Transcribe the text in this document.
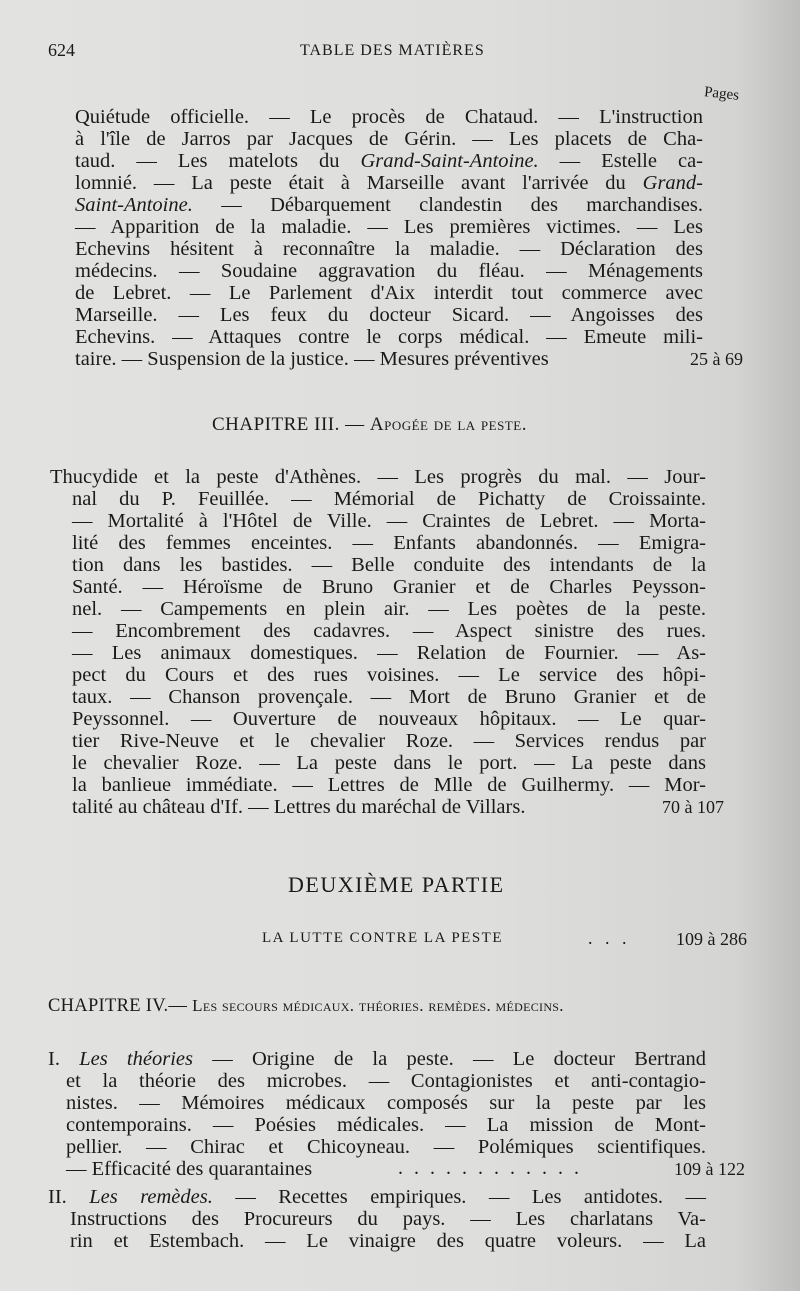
624	TABLE DES MATIÈRES
Pages
Quiétude officielle. — Le procès de Chataud. — L'instruction
à l'île de Jarros par Jacques de Gérin. — Les placets de Cha-
taud. — Les matelots du Grand-Saint-Antoine. — Estelle ca-
lomnié. — La peste était à Marseille avant l'arrivée du Grand-
Saint-Antoine. — Débarquement clandestin des marchandises.
— Apparition de la maladie. — Les premières victimes. — Les
Echevins hésitent à reconnaître la maladie. — Déclaration des
médecins. — Soudaine aggravation du fléau. — Ménagements
de Lebret. — Le Parlement d'Aix interdit tout commerce avec
Marseille. — Les feux du docteur Sicard. — Angoisses des
Echevins. — Attaques contre le corps médical. — Emeute mili-
taire. — Suspension de la justice. — Mesures préventives	25 à 69
CHAPITRE III. — Apogée de la peste.
Thucydide et la peste d'Athènes. — Les progrès du mal. — Jour-
nal du P. Feuillée. — Mémorial de Pichatty de Croissainte.
— Mortalité à l'Hôtel de Ville. — Craintes de Lebret. — Morta-
lité des femmes enceintes. — Enfants abandonnés. — Emigra-
tion dans les bastides. — Belle conduite des intendants de la
Santé. — Héroïsme de Bruno Granier et de Charles Peysson-
nel. — Campements en plein air. — Les poètes de la peste.
— Encombrement des cadavres. — Aspect sinistre des rues.
— Les animaux domestiques. — Relation de Fournier. — As-
pect du Cours et des rues voisines. — Le service des hôpi-
taux. — Chanson provençale. — Mort de Bruno Granier et de
Peyssonnel. — Ouverture de nouveaux hôpitaux. — Le quar-
tier Rive-Neuve et le chevalier Roze. — Services rendus par
le chevalier Roze. — La peste dans le port. — La peste dans
la banlieue immédiate. — Lettres de Mlle de Guilhermy. — Mor-
talité au château d'If. — Lettres du maréchal de Villars.	70 à 107
DEUXIÈME PARTIE
LA LUTTE CONTRE LA PESTE	. . .	109 à 286
CHAPITRE IV.— Les secours médicaux. théories. remèdes. médecins.
I. Les théories — Origine de la peste. — Le docteur Bertrand
et la théorie des microbes. — Contagionistes et anti-contagio-
nistes. — Mémoires médicaux composés sur la peste par les
contemporains. — Poésies médicales. — La mission de Mont-
pellier. — Chirac et Chicoyneau. — Polémiques scientifiques.
— Efficacité des quarantaines	. . . . . . . . . . . .	109 à 122
II. Les remèdes. — Recettes empiriques. — Les antidotes. —
Instructions des Procureurs du pays. — Les charlatans Va-
rin et Estembach. — Le vinaigre des quatre voleurs. — La
